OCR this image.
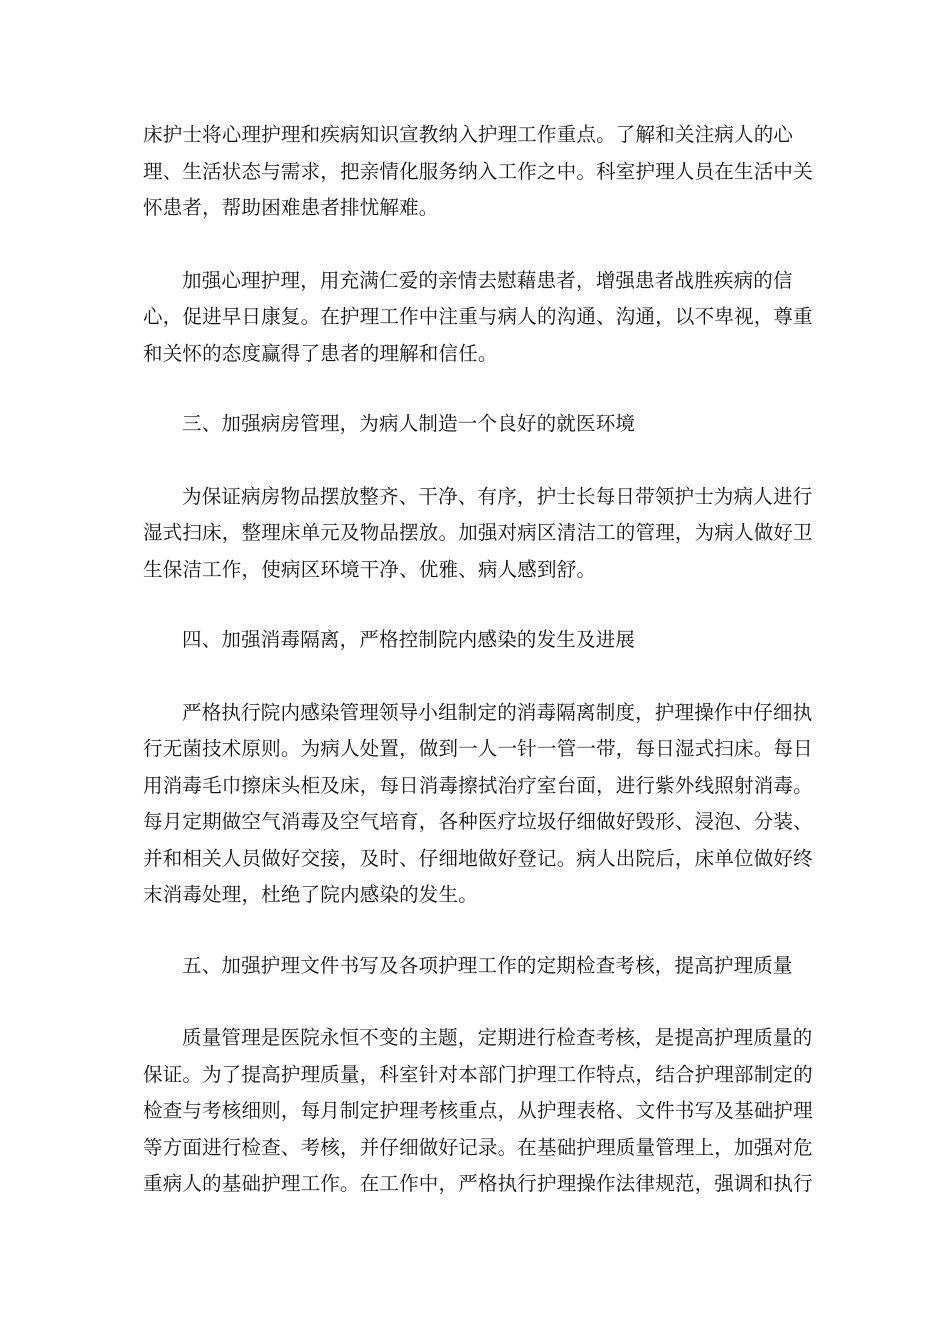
床护士将心理护理和疾病知识宣教纳入护理工作重点。了解和关注病人的心理、生活状态与需求，把亲情化服务纳入工作之中。科室护理人员在生活中关怀患者，帮助困难患者排忧解难。

加强心理护理，用充满仁爱的亲情去慰藉患者，增强患者战胜疾病的信心，促进早日康复。在护理工作中注重与病人的沟通、沟通，以不卑视，尊重和关怀的态度赢得了患者的理解和信任。

三、加强病房管理，为病人制造一个良好的就医环境

为保证病房物品摆放整齐、干净、有序，护士长每日带领护士为病人进行湿式扫床，整理床单元及物品摆放。加强对病区清洁工的管理，为病人做好卫生保洁工作，使病区环境干净、优雅、病人感到舒。

四、加强消毒隔离，严格控制院内感染的发生及进展

严格执行院内感染管理领导小组制定的消毒隔离制度，护理操作中仔细执行无菌技术原则。为病人处置，做到一人一针一管一带，每日湿式扫床。每日用消毒毛巾擦床头柜及床，每日消毒擦拭治疗室台面，进行紫外线照射消毒。每月定期做空气消毒及空气培育，各种医疗垃圾仔细做好毁形、浸泡、分装、并和相关人员做好交接，及时、仔细地做好登记。病人出院后，床单位做好终末消毒处理，杜绝了院内感染的发生。

五、加强护理文件书写及各项护理工作的定期检查考核，提高护理质量

质量管理是医院永恒不变的主题，定期进行检查考核，是提高护理质量的保证。为了提高护理质量，科室针对本部门护理工作特点，结合护理部制定的检查与考核细则，每月制定护理考核重点，从护理表格、文件书写及基础护理等方面进行检查、考核，并仔细做好记录。在基础护理质量管理上，加强对危重病人的基础护理工作。在工作中，严格执行护理操作法律规范，强调和执行
